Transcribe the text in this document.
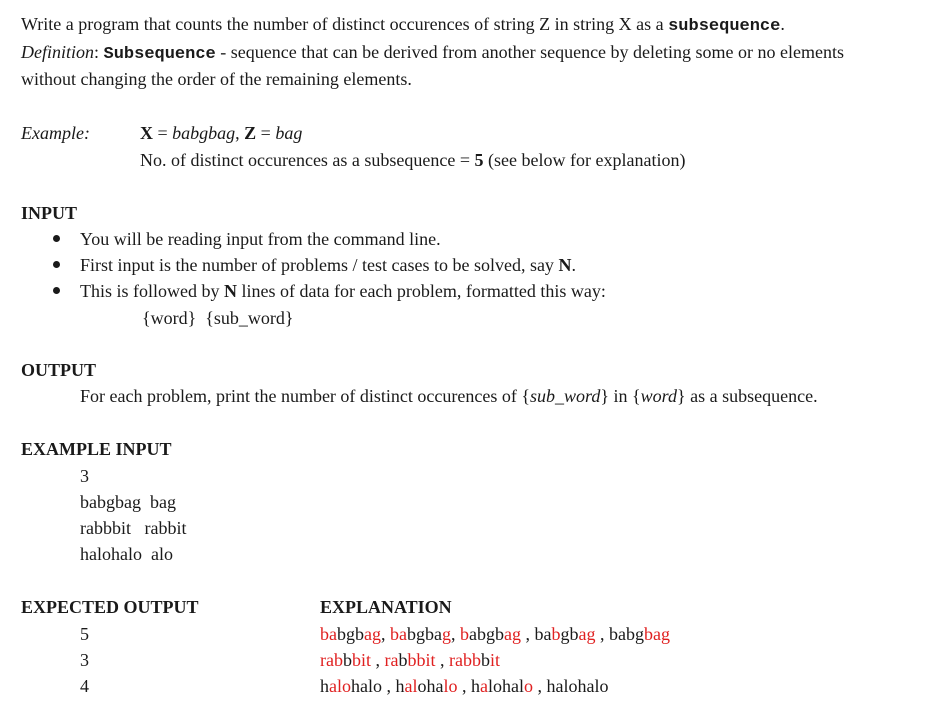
Write a program that counts the number of distinct occurences of string Z in string X as a subsequence.
Definition: Subsequence - sequence that can be derived from another sequence by deleting some or no elements
without changing the order of the remaining elements.
Example:	X = babgbag, Z = bag
No. of distinct occurences as a subsequence = 5 (see below for explanation)
INPUT
You will be reading input from the command line.
First input is the number of problems / test cases to be solved, say N.
This is followed by N lines of data for each problem, formatted this way:
{word}  {sub_word}
OUTPUT
For each problem, print the number of distinct occurences of {sub_word} in {word} as a subsequence.
EXAMPLE INPUT
3
babgbag  bag
rabbbit   rabbit
halohalo  alo
EXPECTED OUTPUT
5
3
4
EXPLANATION
babgbag, babgbag, babgbag , babgbag , babgbag
rabbbit , rabbbit , rabbbit
halohalo , halohalo , halohalo , halohalo
